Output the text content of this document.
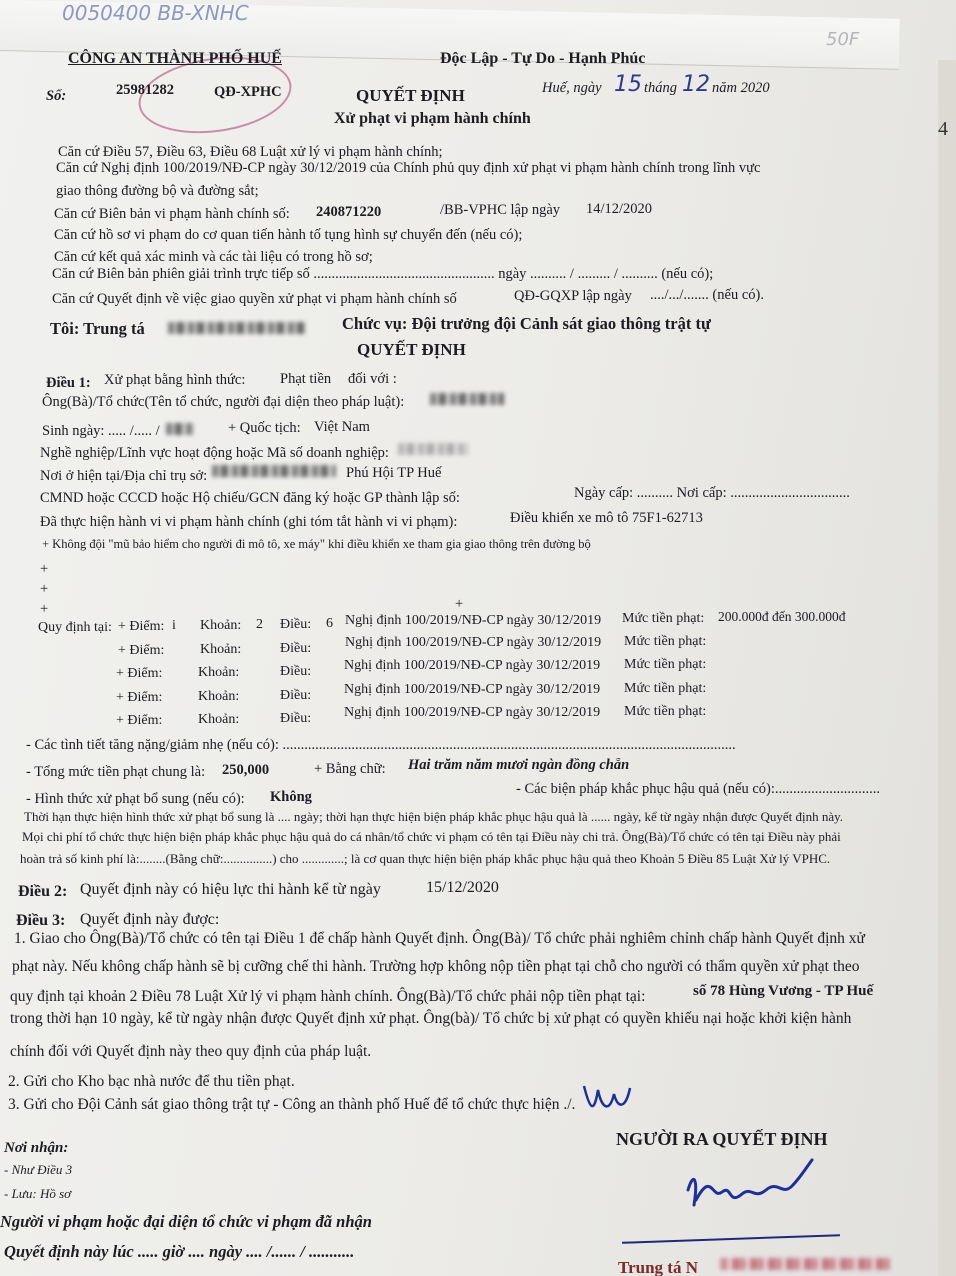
0050400 BB-XNHC
50F
4
CÔNG AN THÀNH PHỐ HUẾ	Độc Lập - Tự Do - Hạnh Phúc
Số:	25981282	QĐ-XPHC	QUYẾT ĐỊNH	Huế, ngày 15 tháng 12 năm 2020
Xử phạt vi phạm hành chính
Căn cứ Điều 57, Điều 63, Điều 68 Luật xử lý vi phạm hành chính;
Căn cứ Nghị định 100/2019/NĐ-CP ngày 30/12/2019 của Chính phủ quy định xử phạt vi phạm hành chính trong lĩnh vực
giao thông đường bộ và đường sắt;
Căn cứ Biên bản vi phạm hành chính số: 240871220	/BB-VPHC lập ngày 14/12/2020
Căn cứ hồ sơ vi phạm do cơ quan tiến hành tố tụng hình sự chuyển đến (nếu có);
Căn cứ kết quả xác minh và các tài liệu có trong hồ sơ;
Căn cứ Biên bản phiên giải trình trực tiếp số .................................................. ngày .......... / ......... / .......... (nếu có);
Căn cứ Quyết định về việc giao quyền xử phạt vi phạm hành chính số	QĐ-GQXP lập ngày ..../.../....... (nếu có).
Tôi: Trung tá	Chức vụ: Đội trưởng đội Cảnh sát giao thông trật tự
QUYẾT ĐỊNH
Điều 1: Xử phạt bằng hình thức: Phạt tiền đối với :
Ông(Bà)/Tổ chức(Tên tổ chức, người đại diện theo pháp luật):
Sinh ngày: ..... /..... /	+ Quốc tịch: Việt Nam
Nghề nghiệp/Lĩnh vực hoạt động hoặc Mã số doanh nghiệp:
Nơi ở hiện tại/Địa chỉ trụ sở:	Phú Hội TP Huế
CMND hoặc CCCD hoặc Hộ chiếu/GCN đăng ký hoặc GP thành lập số:	Ngày cấp: .......... Nơi cấp: .................................
Đã thực hiện hành vi vi phạm hành chính (ghi tóm tắt hành vi vi phạm):	Điều khiển xe mô tô 75F1-62713
+ Không đội "mũ bảo hiểm cho người đi mô tô, xe máy" khi điều khiển xe tham gia giao thông trên đường bộ
+
+
+	+
Quy định tại: + Điểm: i Khoản: 2 Điều: 6 Nghị định 100/2019/NĐ-CP ngày 30/12/2019 Mức tiền phạt: 200.000đ đến 300.000đ
+ Điểm:	Khoản:	Điều: Nghị định 100/2019/NĐ-CP ngày 30/12/2019 Mức tiền phạt:
+ Điểm:	Khoản:	Điều: Nghị định 100/2019/NĐ-CP ngày 30/12/2019 Mức tiền phạt:
+ Điểm:	Khoản:	Điều: Nghị định 100/2019/NĐ-CP ngày 30/12/2019 Mức tiền phạt:
+ Điểm:	Khoản:	Điều: Nghị định 100/2019/NĐ-CP ngày 30/12/2019 Mức tiền phạt:
- Các tình tiết tăng nặng/giảm nhẹ (nếu có): .............................................................................................................................
- Tổng mức tiền phạt chung là: 250,000	+ Bằng chữ: Hai trăm năm mươi ngàn đồng chẵn
- Hình thức xử phạt bổ sung (nếu có): Không	- Các biện pháp khắc phục hậu quả (nếu có):.............................
Thời hạn thực hiện hình thức xử phạt bổ sung là .... ngày; thời hạn thực hiện biện pháp khắc phục hậu quả là ...... ngày, kể từ ngày nhận được Quyết định này.
Mọi chi phí tổ chức thực hiện biện pháp khắc phục hậu quả do cá nhân/tổ chức vi phạm có tên tại Điều này chi trả. Ông(Bà)/Tổ chức có tên tại Điều này phải
hoàn trả số kinh phí là:........(Bằng chữ:...............) cho .............; là cơ quan thực hiện biện pháp khắc phục hậu quả theo Khoản 5 Điều 85 Luật Xử lý VPHC.
Điều 2: Quyết định này có hiệu lực thi hành kể từ ngày	15/12/2020
Điều 3: Quyết định này được:
1. Giao cho Ông(Bà)/Tổ chức có tên tại Điều 1 để chấp hành Quyết định. Ông(Bà)/ Tổ chức phải nghiêm chỉnh chấp hành Quyết định xử
phạt này. Nếu không chấp hành sẽ bị cưỡng chế thi hành. Trường hợp không nộp tiền phạt tại chỗ cho người có thẩm quyền xử phạt theo
quy định tại khoản 2 Điều 78 Luật Xử lý vi phạm hành chính. Ông(Bà)/Tổ chức phải nộp tiền phạt tại:	số 78 Hùng Vương - TP Huế
trong thời hạn 10 ngày, kể từ ngày nhận được Quyết định xử phạt. Ông(bà)/ Tổ chức bị xử phạt có quyền khiếu nại hoặc khởi kiện hành
chính đối với Quyết định này theo quy định của pháp luật.
2. Gửi cho Kho bạc nhà nước để thu tiền phạt.
3. Gửi cho Đội Cảnh sát giao thông trật tự - Công an thành phố Huế để tổ chức thực hiện ./.
Nơi nhận:
- Như Điều 3
- Lưu: Hồ sơ
NGƯỜI RA QUYẾT ĐỊNH
Người vi phạm hoặc đại diện tổ chức vi phạm đã nhận
Quyết định này lúc ..... giờ .... ngày .... /...... / ...........
Trung tá N
